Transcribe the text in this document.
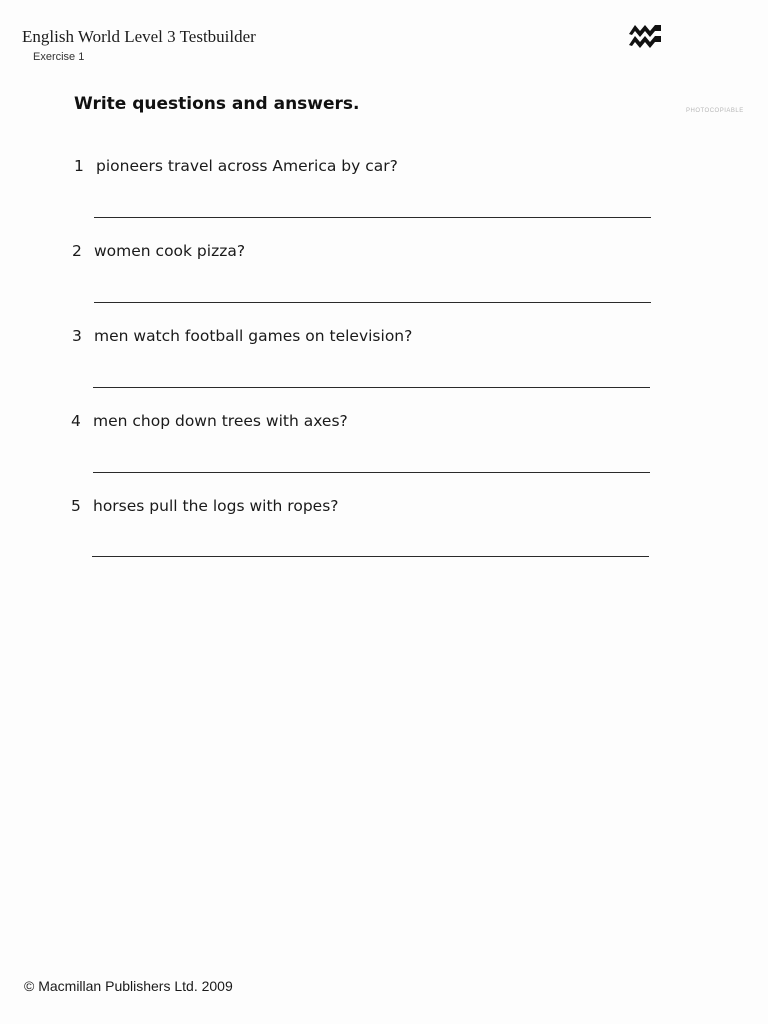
English World Level 3 Testbuilder
Exercise 1
PHOTOCOPIABLE
Write questions and answers.
1 pioneers travel across America by car?
2 women cook pizza?
3 men watch football games on television?
4 men chop down trees with axes?
5 horses pull the logs with ropes?
© Macmillan Publishers Ltd. 2009
